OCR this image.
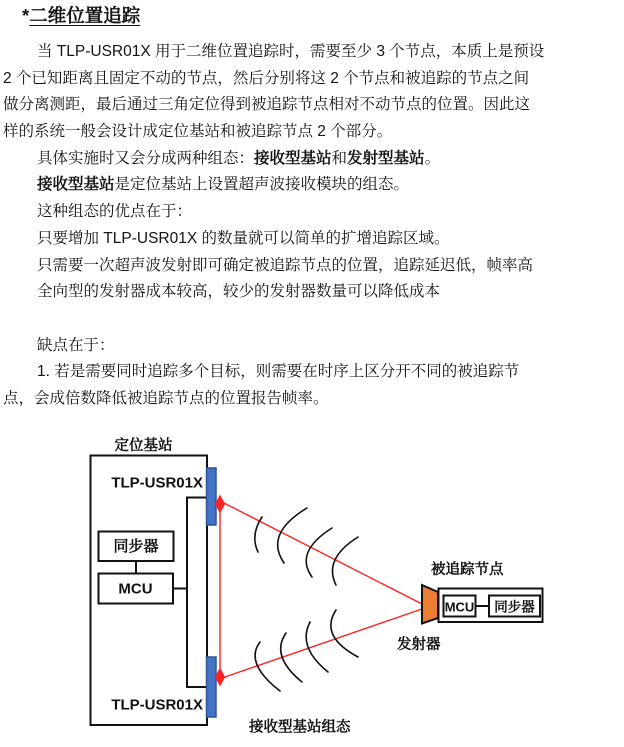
*二维位置追踪
当 TLP-USR01X 用于二维位置追踪时，需要至少 3 个节点，本质上是预设
2 个已知距离且固定不动的节点，然后分别将这 2 个节点和被追踪的节点之间
做分离测距，最后通过三角定位得到被追踪节点相对不动节点的位置。因此这
样的系统一般会设计成定位基站和被追踪节点 2 个部分。
具体实施时又会分成两种组态：接收型基站和发射型基站。
接收型基站是定位基站上设置超声波接收模块的组态。
这种组态的优点在于：
只要增加 TLP-USR01X 的数量就可以简单的扩增追踪区域。
只需要一次超声波发射即可确定被追踪节点的位置，追踪延迟低，帧率高
全向型的发射器成本较高，较少的发射器数量可以降低成本
缺点在于：
1. 若是需要同时追踪多个目标，则需要在时序上区分开不同的被追踪节
点，会成倍数降低被追踪节点的位置报告帧率。
定位基站
TLP-USR01X
TLP-USR01X
同步器
MCU
被追踪节点
MCU 同步器
发射器
接收型基站组态
